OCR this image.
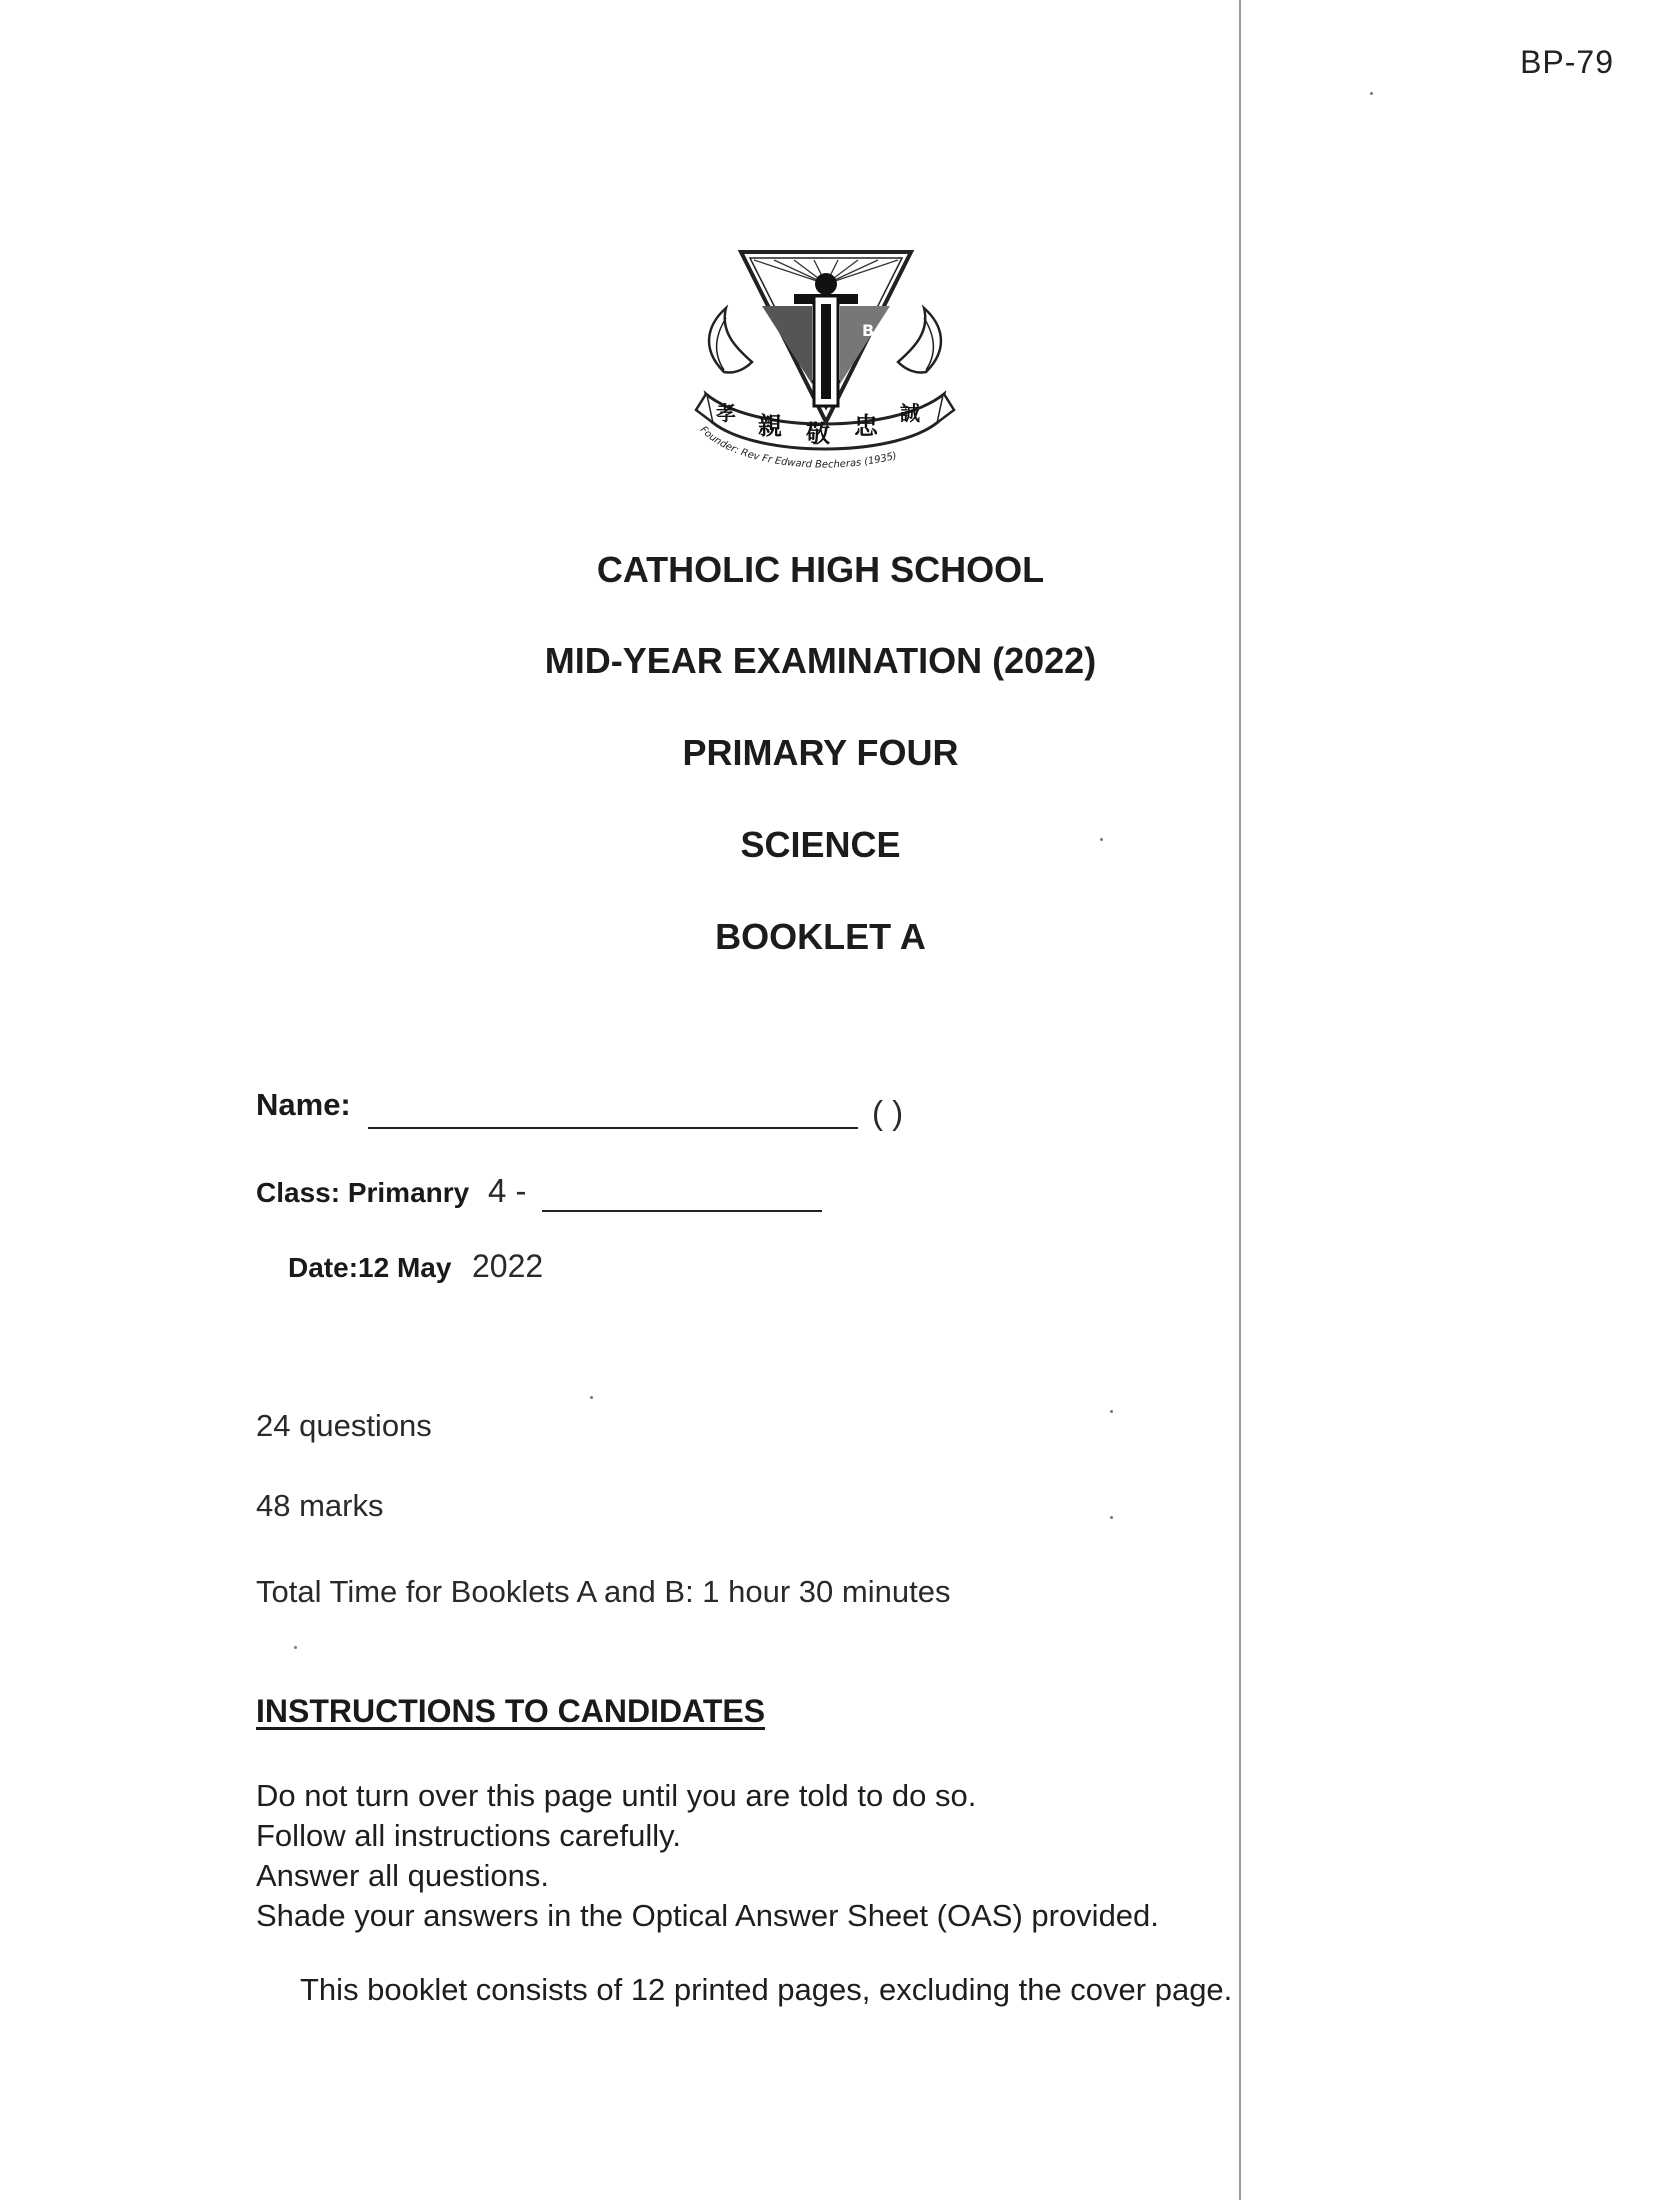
BP-79
B
孝 親 敬 忠 誠
Founder: Rev Fr Edward Becheras (1935)
CATHOLIC HIGH SCHOOL
MID-YEAR EXAMINATION (2022)
PRIMARY FOUR
SCIENCE
BOOKLET A
Name:	( )
Class: Primanry 4 -
Date:12 May 2022
24 questions
48 marks
Total Time for Booklets A and B: 1 hour 30 minutes
INSTRUCTIONS TO CANDIDATES
Do not turn over this page until you are told to do so.
Follow all instructions carefully.
Answer all questions.
Shade your answers in the Optical Answer Sheet (OAS) provided.
This booklet consists of 12 printed pages, excluding the cover page.
